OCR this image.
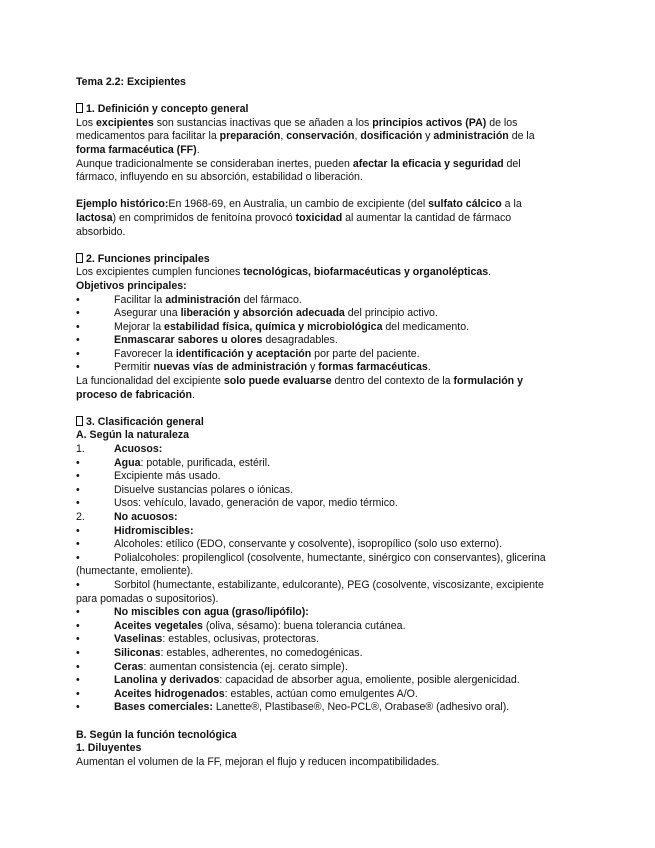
Tema 2.2: Excipientes
1. Definición y concepto general
Los excipientes son sustancias inactivas que se añaden a los principios activos (PA) de los medicamentos para facilitar la preparación, conservación, dosificación y administración de la forma farmacéutica (FF).
Aunque tradicionalmente se consideraban inertes, pueden afectar la eficacia y seguridad del fármaco, influyendo en su absorción, estabilidad o liberación.
Ejemplo histórico:En 1968-69, en Australia, un cambio de excipiente (del sulfato cálcico a la lactosa) en comprimidos de fenitoína provocó toxicidad al aumentar la cantidad de fármaco absorbido.
2. Funciones principales
Los excipientes cumplen funciones tecnológicas, biofarmacéuticas y organolépticas.
Objetivos principales:
•	Facilitar la administración del fármaco.
•	Asegurar una liberación y absorción adecuada del principio activo.
•	Mejorar la estabilidad física, química y microbiológica del medicamento.
•	Enmascarar sabores u olores desagradables.
•	Favorecer la identificación y aceptación por parte del paciente.
•	Permitir nuevas vías de administración y formas farmacéuticas.
La funcionalidad del excipiente solo puede evaluarse dentro del contexto de la formulación y proceso de fabricación.
3. Clasificación general
A. Según la naturaleza
1.	Acuosos:
•	Agua: potable, purificada, estéril.
•	Excipiente más usado.
•	Disuelve sustancias polares o iónicas.
•	Usos: vehículo, lavado, generación de vapor, medio térmico.
2.	No acuosos:
•	Hidromiscibles:
•	Alcoholes: etílico (EDO, conservante y cosolvente), isopropílico (solo uso externo).
•	Polialcoholes: propilenglicol (cosolvente, humectante, sinérgico con conservantes), glicerina (humectante, emoliente).
•	Sorbitol (humectante, estabilizante, edulcorante), PEG (cosolvente, viscosizante, excipiente para pomadas o supositorios).
•	No miscibles con agua (graso/lipófilo):
•	Aceites vegetales (oliva, sésamo): buena tolerancia cutánea.
•	Vaselinas: estables, oclusivas, protectoras.
•	Siliconas: estables, adherentes, no comedogénicas.
•	Ceras: aumentan consistencia (ej. cerato simple).
•	Lanolina y derivados: capacidad de absorber agua, emoliente, posible alergenicidad.
•	Aceites hidrogenados: estables, actúan como emulgentes A/O.
•	Bases comerciales: Lanette®, Plastibase®, Neo-PCL®, Orabase® (adhesivo oral).
B. Según la función tecnológica
1. Diluyentes
Aumentan el volumen de la FF, mejoran el flujo y reducen incompatibilidades.
